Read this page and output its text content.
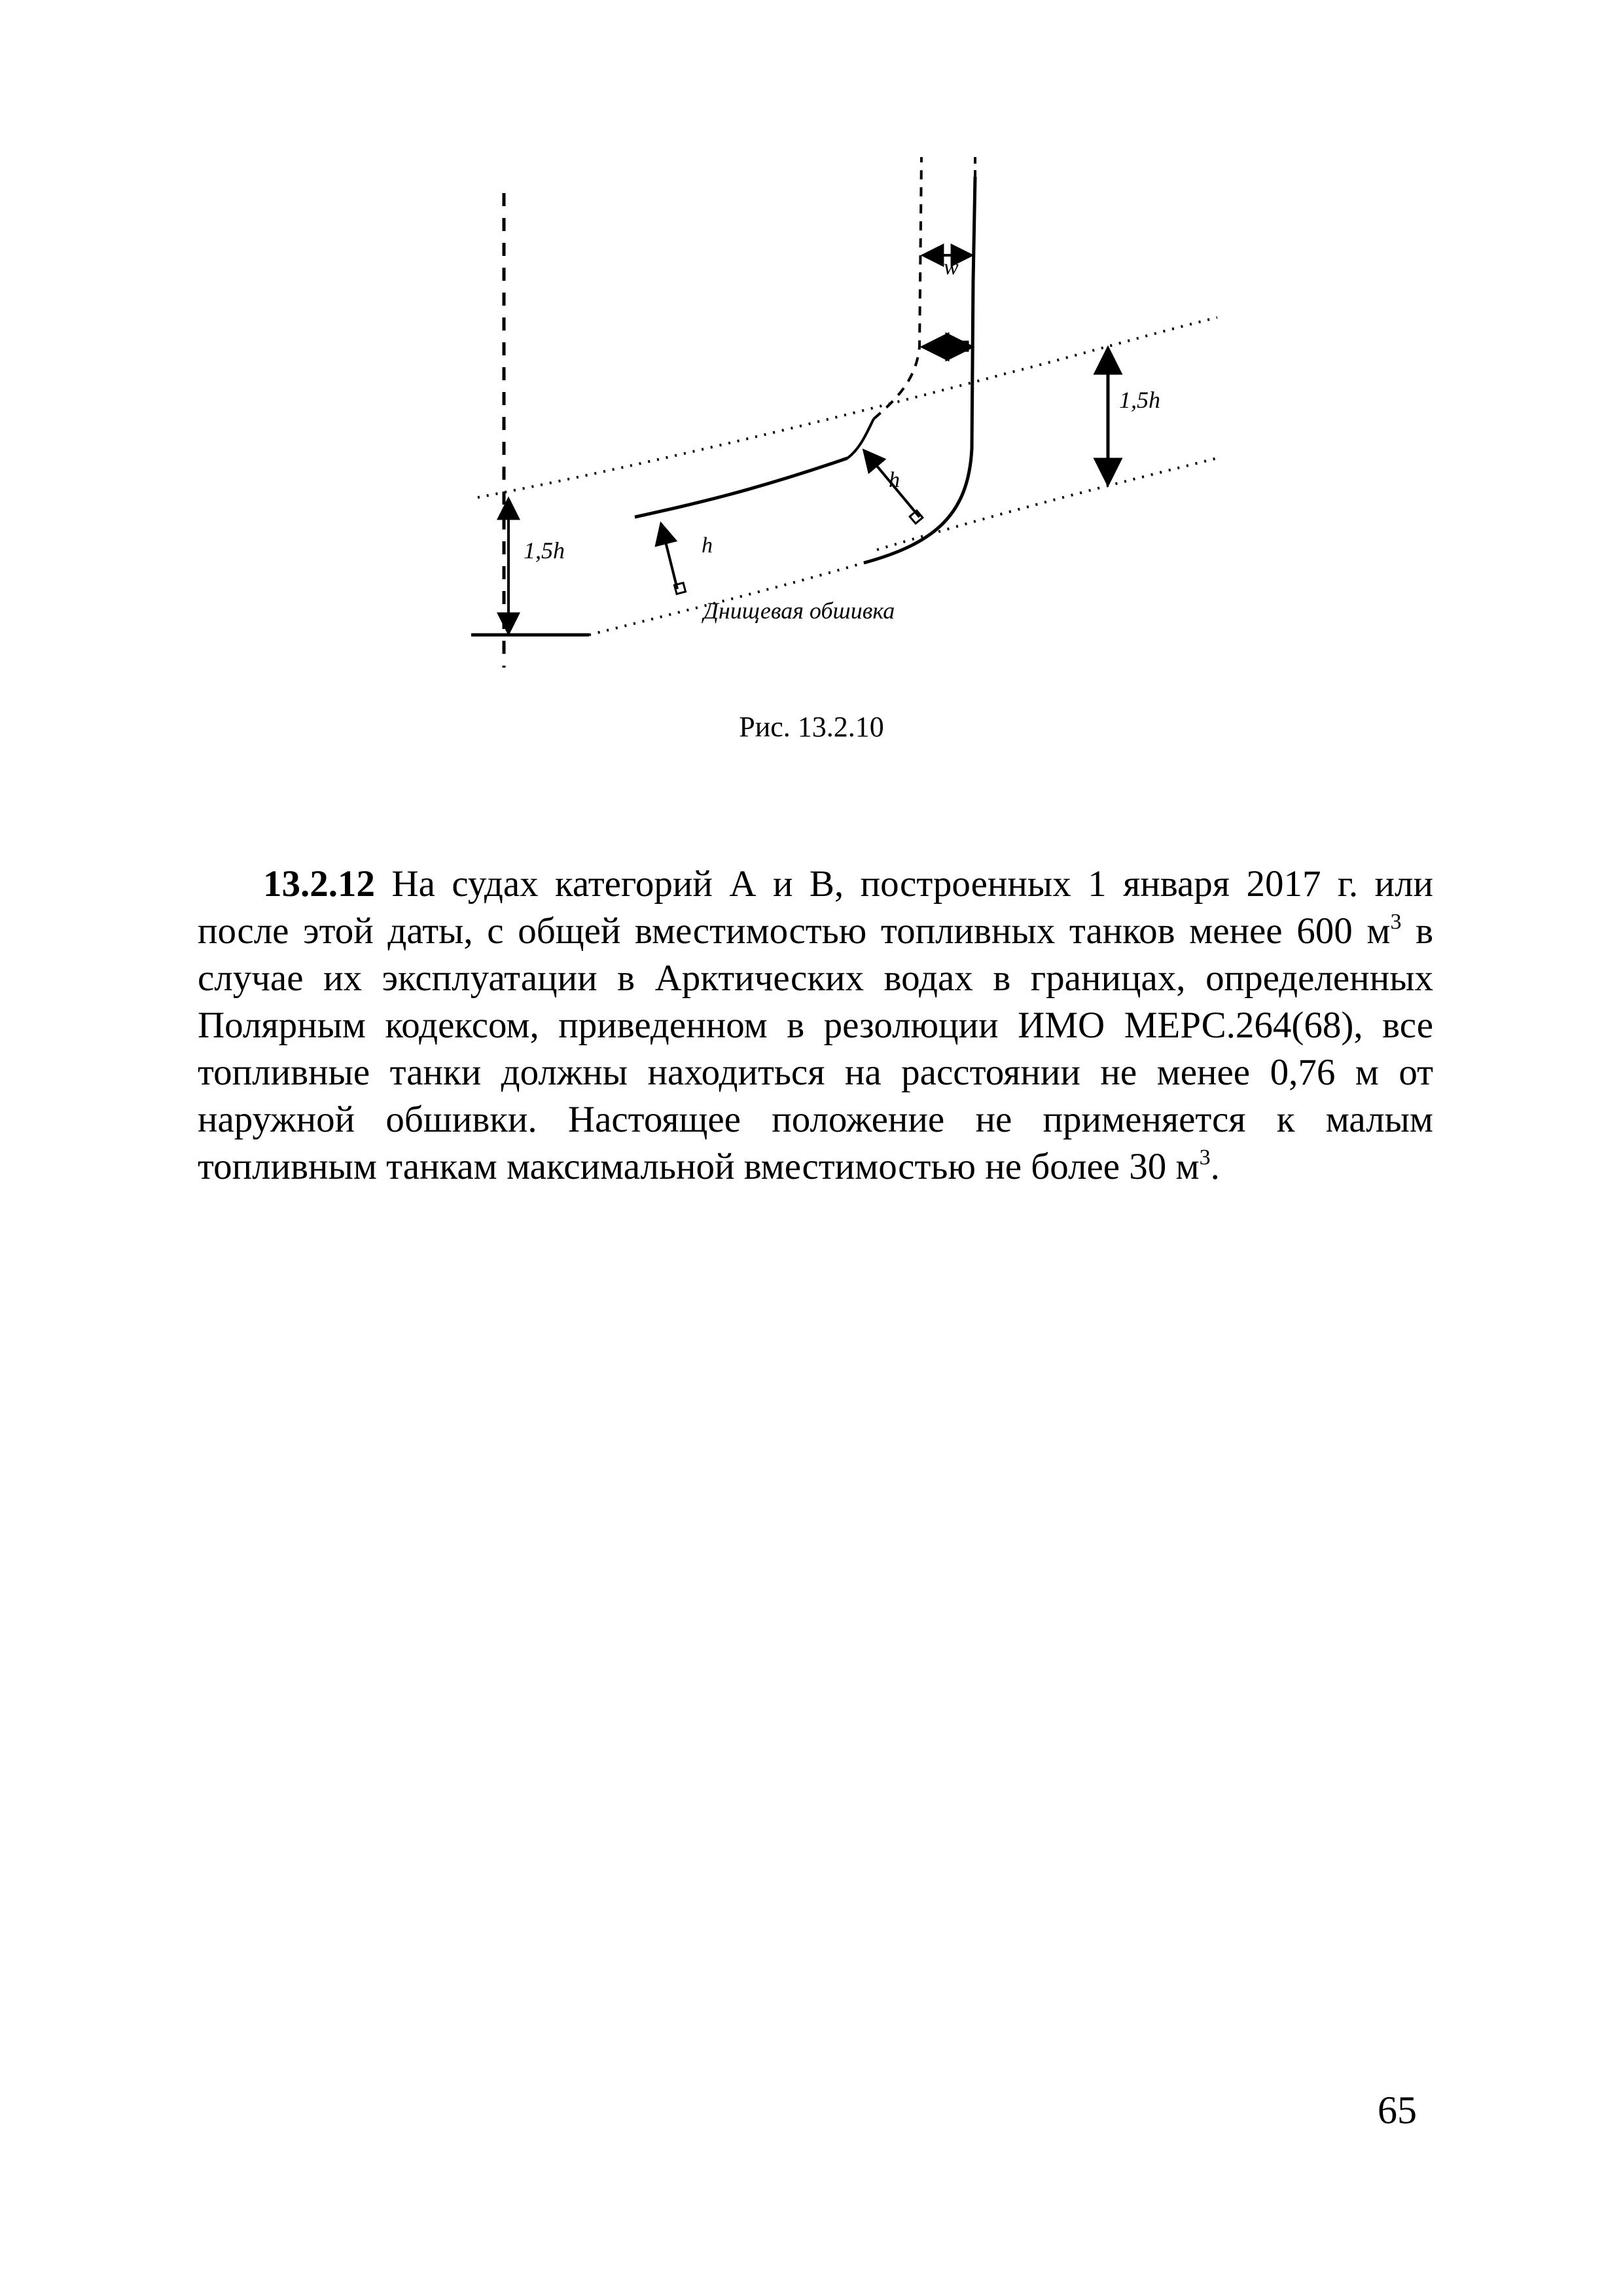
w
h
h
1,5h
1,5h
Днищевая обшивка
Рис. 13.2.10
13.2.12 На судах категорий А и В, построенных 1 января 2017 г. или
после этой даты, с общей вместимостью топливных танков менее 600 $м^3$ в
случае их эксплуатации в Арктических водах в границах, определенных
Полярным кодексом, приведенном в резолюции ИМО МЕРС.264(68), все
топливные танки должны находиться на расстоянии не менее 0,76 м от
наружной обшивки. Настоящее положение не применяется к малым
топливным танкам максимальной вместимостью не более 30 $м^3$.
65
